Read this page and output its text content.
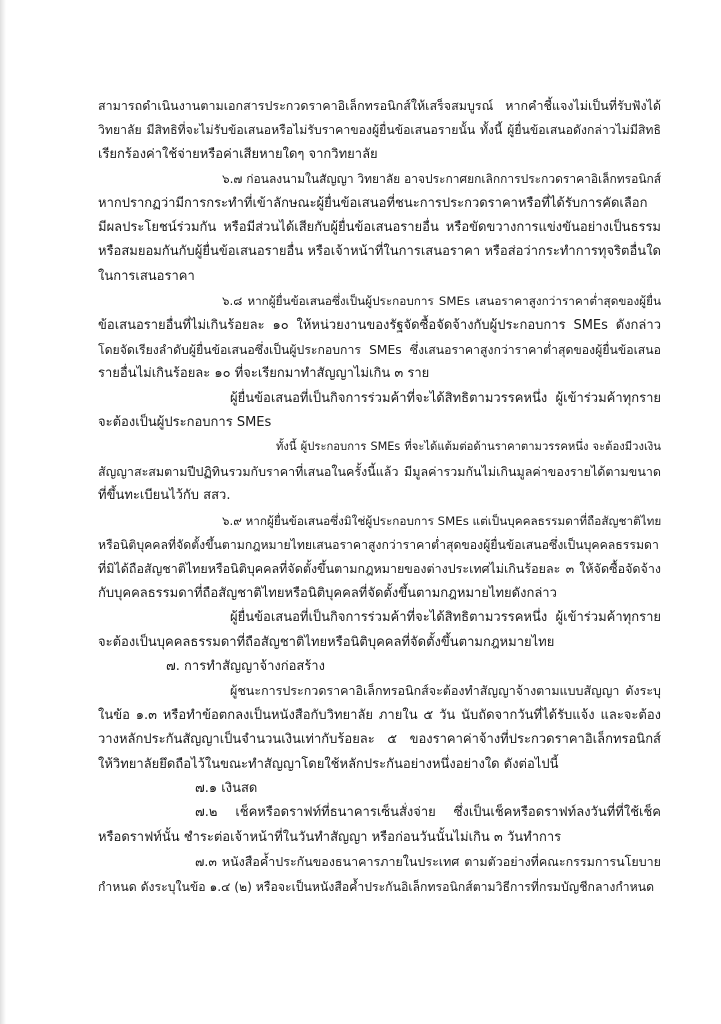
สามารถดำเนินงานตามเอกสารประกวดราคาอิเล็กทรอนิกส์ให้เสร็จสมบูรณ์ หากคำชี้แจงไม่เป็นที่รับฟังได้
วิทยาลัย มีสิทธิที่จะไม่รับข้อเสนอหรือไม่รับราคาของผู้ยื่นข้อเสนอรายนั้น ทั้งนี้ ผู้ยื่นข้อเสนอดังกล่าวไม่มีสิทธิ
เรียกร้องค่าใช้จ่ายหรือค่าเสียหายใดๆ จากวิทยาลัย
๖.๗ ก่อนลงนามในสัญญา วิทยาลัย อาจประกาศยกเลิกการประกวดราคาอิเล็กทรอนิกส์
หากปรากฏว่ามีการกระทำที่เข้าลักษณะผู้ยื่นข้อเสนอที่ชนะการประกวดราคาหรือที่ได้รับการคัดเลือก
มีผลประโยชน์ร่วมกัน หรือมีส่วนได้เสียกับผู้ยื่นข้อเสนอรายอื่น หรือขัดขวางการแข่งขันอย่างเป็นธรรม
หรือสมยอมกันกับผู้ยื่นข้อเสนอรายอื่น หรือเจ้าหน้าที่ในการเสนอราคา หรือส่อว่ากระทำการทุจริตอื่นใด
ในการเสนอราคา
๖.๘ หากผู้ยื่นข้อเสนอซึ่งเป็นผู้ประกอบการ SMEs เสนอราคาสูงกว่าราคาต่ำสุดของผู้ยื่น
ข้อเสนอรายอื่นที่ไม่เกินร้อยละ ๑๐ ให้หน่วยงานของรัฐจัดซื้อจัดจ้างกับผู้ประกอบการ SMEs ดังกล่าว
โดยจัดเรียงลำดับผู้ยื่นข้อเสนอซึ่งเป็นผู้ประกอบการ SMEs ซึ่งเสนอราคาสูงกว่าราคาต่ำสุดของผู้ยื่นข้อเสนอ
รายอื่นไม่เกินร้อยละ ๑๐ ที่จะเรียกมาทำสัญญาไม่เกิน ๓ ราย
ผู้ยื่นข้อเสนอที่เป็นกิจการร่วมค้าที่จะได้สิทธิตามวรรคหนึ่ง ผู้เข้าร่วมค้าทุกราย
จะต้องเป็นผู้ประกอบการ SMEs
ทั้งนี้ ผู้ประกอบการ SMEs ที่จะได้แต้มต่อด้านราคาตามวรรคหนึ่ง จะต้องมีวงเงิน
สัญญาสะสมตามปีปฏิทินรวมกับราคาที่เสนอในครั้งนี้แล้ว มีมูลค่ารวมกันไม่เกินมูลค่าของรายได้ตามขนาด
ที่ขึ้นทะเบียนไว้กับ สสว.
๖.๙ หากผู้ยื่นข้อเสนอซึ่งมิใช่ผู้ประกอบการ SMEs แต่เป็นบุคคลธรรมดาที่ถือสัญชาติไทย
หรือนิติบุคคลที่จัดตั้งขึ้นตามกฎหมายไทยเสนอราคาสูงกว่าราคาต่ำสุดของผู้ยื่นข้อเสนอซึ่งเป็นบุคคลธรรมดา
ที่มิได้ถือสัญชาติไทยหรือนิติบุคคลที่จัดตั้งขึ้นตามกฎหมายของต่างประเทศไม่เกินร้อยละ ๓ ให้จัดซื้อจัดจ้าง
กับบุคคลธรรมดาที่ถือสัญชาติไทยหรือนิติบุคคลที่จัดตั้งขึ้นตามกฎหมายไทยดังกล่าว
ผู้ยื่นข้อเสนอที่เป็นกิจการร่วมค้าที่จะได้สิทธิตามวรรคหนึ่ง ผู้เข้าร่วมค้าทุกราย
จะต้องเป็นบุคคลธรรมดาที่ถือสัญชาติไทยหรือนิติบุคคลที่จัดตั้งขึ้นตามกฎหมายไทย
๗. การทำสัญญาจ้างก่อสร้าง
ผู้ชนะการประกวดราคาอิเล็กทรอนิกส์จะต้องทำสัญญาจ้างตามแบบสัญญา ดังระบุ
ในข้อ ๑.๓ หรือทำข้อตกลงเป็นหนังสือกับวิทยาลัย ภายใน ๕ วัน นับถัดจากวันที่ได้รับแจ้ง และจะต้อง
วางหลักประกันสัญญาเป็นจำนวนเงินเท่ากับร้อยละ ๕ ของราคาค่าจ้างที่ประกวดราคาอิเล็กทรอนิกส์
ให้วิทยาลัยยึดถือไว้ในขณะทำสัญญาโดยใช้หลักประกันอย่างหนึ่งอย่างใด ดังต่อไปนี้
๗.๑ เงินสด
๗.๒ เช็คหรือดราฟท์ที่ธนาคารเซ็นสั่งจ่าย ซึ่งเป็นเช็คหรือดราฟท์ลงวันที่ที่ใช้เช็ค
หรือดราฟท์นั้น ชำระต่อเจ้าหน้าที่ในวันทำสัญญา หรือก่อนวันนั้นไม่เกิน ๓ วันทำการ
๗.๓ หนังสือค้ำประกันของธนาคารภายในประเทศ ตามตัวอย่างที่คณะกรรมการนโยบาย
กำหนด ดังระบุในข้อ ๑.๔ (๒) หรือจะเป็นหนังสือค้ำประกันอิเล็กทรอนิกส์ตามวิธีการที่กรมบัญชีกลางกำหนด
